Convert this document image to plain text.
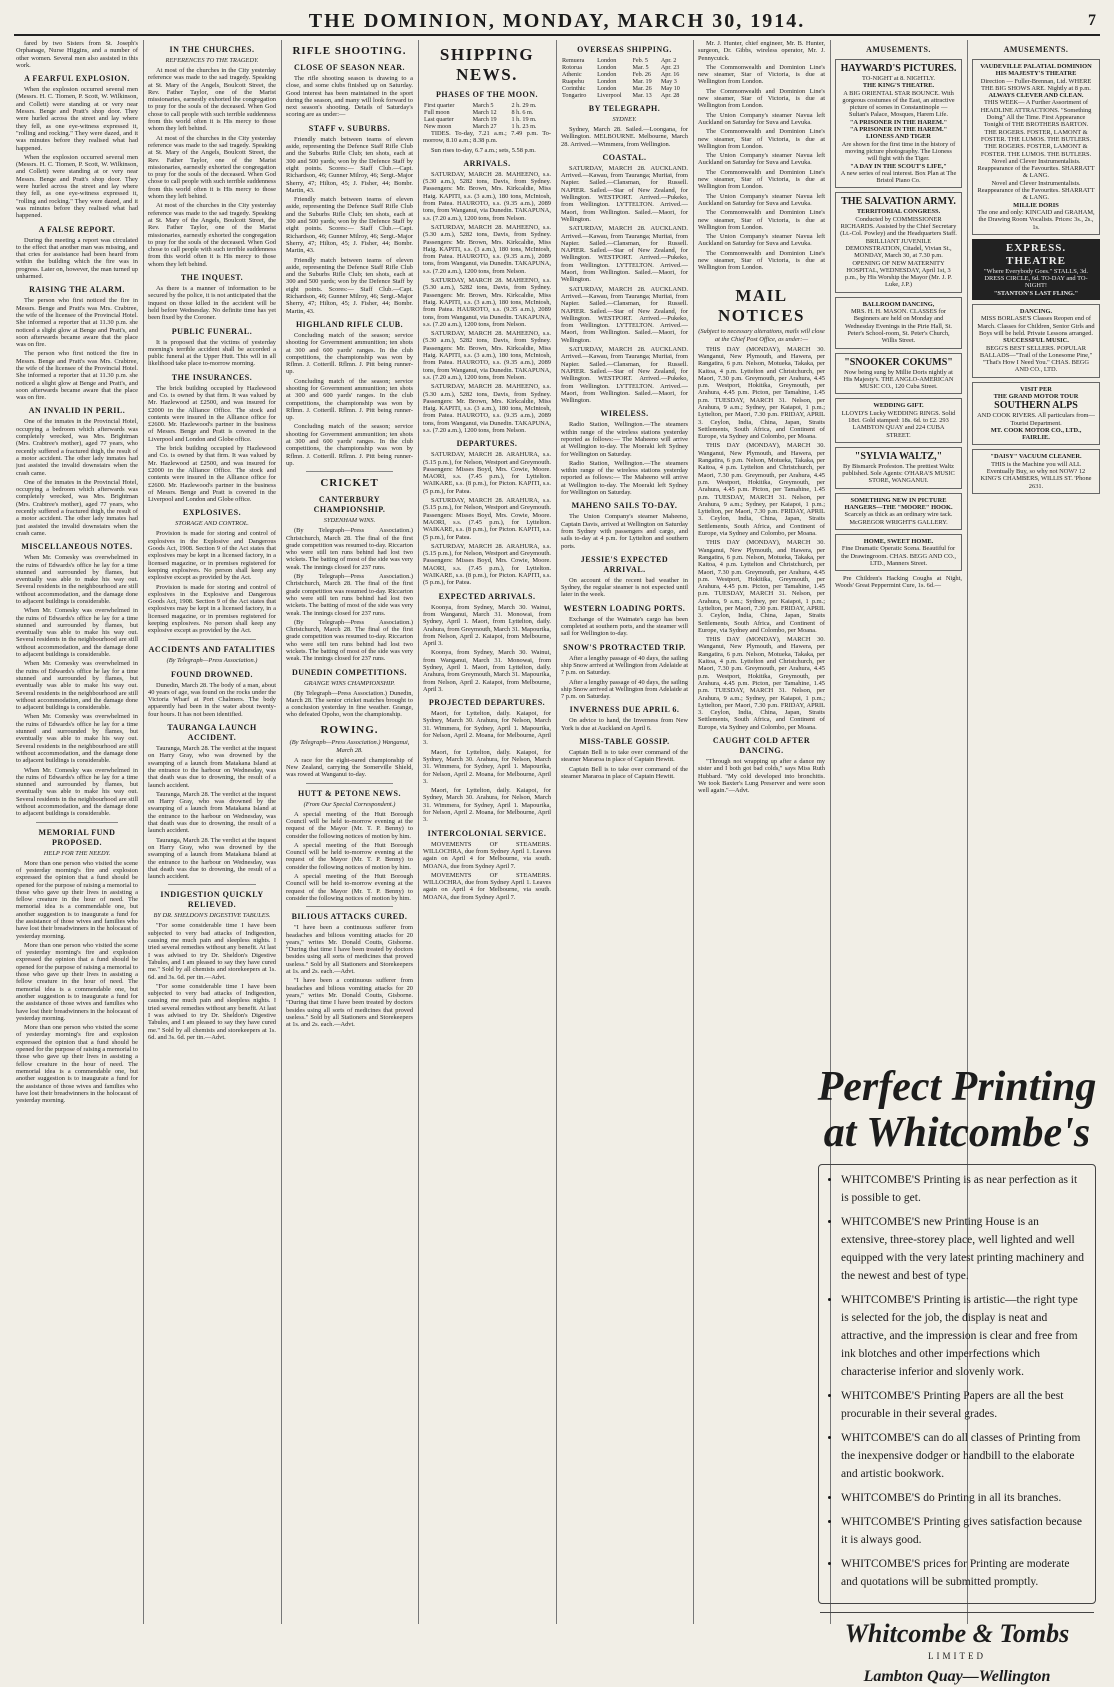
THE DOMINION, MONDAY, MARCH 30, 1914.	7

fared by two Sisters from St. Joseph's Orphanage, Nurse Higgins, and a number of other women. Several men also assisted in this work.

A FEARFUL EXPLOSION.

When the explosion occurred several men (Messrs. H. C. Tiomen, P. Scott, W. Wilkinson, and Collett) were standing at or very near Messrs. Benge and Pratt's shop door. They were hurled across the street and lay where they fell, as one eye-witness expressed it, "rolling and rocking." They were dazed, and it was minutes before they realised what had happened.

When the explosion occurred several men (Messrs. H. C. Tiomen, P. Scott, W. Wilkinson, and Collett) were standing at or very near Messrs. Benge and Pratt's shop door. They were hurled across the street and lay where they fell, as one eye-witness expressed it, "rolling and rocking." They were dazed, and it was minutes before they realised what had happened.

A FALSE REPORT.

During the meeting a report was circulated to the effect that another man was missing, and that cries for assistance had been heard from within the building which the fire was in progress. Later on, however, the man turned up unharmed.

RAISING THE ALARM.

The person who first noticed the fire in Messrs. Benge and Pratt's was Mrs. Crabtree, the wife of the licensee of the Provincial Hotel. She informed a reporter that at 11.30 p.m. she noticed a slight glow at Benge and Pratt's, and soon afterwards became aware that the place was on fire.

The person who first noticed the fire in Messrs. Benge and Pratt's was Mrs. Crabtree, the wife of the licensee of the Provincial Hotel. She informed a reporter that at 11.30 p.m. she noticed a slight glow at Benge and Pratt's, and soon afterwards became aware that the place was on fire.

AN INVALID IN PERIL.

One of the inmates in the Provincial Hotel, occupying a bedroom which afterwards was completely wrecked, was Mrs. Brightman (Mrs. Crabtree's mother), aged 77 years, who recently suffered a fractured thigh, the result of a motor accident. The other lady inmates had just assisted the invalid downstairs when the crash came.

One of the inmates in the Provincial Hotel, occupying a bedroom which afterwards was completely wrecked, was Mrs. Brightman (Mrs. Crabtree's mother), aged 77 years, who recently suffered a fractured thigh, the result of a motor accident. The other lady inmates had just assisted the invalid downstairs when the crash came.

MISCELLANEOUS NOTES.

When Mr. Comesky was overwhelmed in the ruins of Edwards's office he lay for a time stunned and surrounded by flames, but eventually was able to make his way out. Several residents in the neighbourhood are still without accommodation, and the damage done to adjacent buildings is considerable.

When Mr. Comesky was overwhelmed in the ruins of Edwards's office he lay for a time stunned and surrounded by flames, but eventually was able to make his way out. Several residents in the neighbourhood are still without accommodation, and the damage done to adjacent buildings is considerable.

When Mr. Comesky was overwhelmed in the ruins of Edwards's office he lay for a time stunned and surrounded by flames, but eventually was able to make his way out. Several residents in the neighbourhood are still without accommodation, and the damage done to adjacent buildings is considerable.

When Mr. Comesky was overwhelmed in the ruins of Edwards's office he lay for a time stunned and surrounded by flames, but eventually was able to make his way out. Several residents in the neighbourhood are still without accommodation, and the damage done to adjacent buildings is considerable.

When Mr. Comesky was overwhelmed in the ruins of Edwards's office he lay for a time stunned and surrounded by flames, but eventually was able to make his way out. Several residents in the neighbourhood are still without accommodation, and the damage done to adjacent buildings is considerable.

MEMORIAL FUND PROPOSED.
HELP FOR THE NEEDY.

More than one person who visited the scene of yesterday morning's fire and explosion expressed the opinion that a fund should be opened for the purpose of raising a memorial to those who gave up their lives in assisting a fellow creature in the hour of need. The memorial idea is a commendable one, but another suggestion is to inaugurate a fund for the assistance of those wives and families who have lost their breadwinners in the holocaust of yesterday morning.

More than one person who visited the scene of yesterday morning's fire and explosion expressed the opinion that a fund should be opened for the purpose of raising a memorial to those who gave up their lives in assisting a fellow creature in the hour of need. The memorial idea is a commendable one, but another suggestion is to inaugurate a fund for the assistance of those wives and families who have lost their breadwinners in the holocaust of yesterday morning.

More than one person who visited the scene of yesterday morning's fire and explosion expressed the opinion that a fund should be opened for the purpose of raising a memorial to those who gave up their lives in assisting a fellow creature in the hour of need. The memorial idea is a commendable one, but another suggestion is to inaugurate a fund for the assistance of those wives and families who have lost their breadwinners in the holocaust of yesterday morning.

IN THE CHURCHES.
REFERENCES TO THE TRAGEDY.

At most of the churches in the City yesterday reference was made to the sad tragedy. Speaking at St. Mary of the Angels, Boulcott Street, the Rev. Father Taylor, one of the Marist missionaries, earnestly exhorted the congregation to pray for the souls of the deceased. When God chose to call people with such terrible suddenness from this world often it is His mercy to those whom they left behind.

At most of the churches in the City yesterday reference was made to the sad tragedy. Speaking at St. Mary of the Angels, Boulcott Street, the Rev. Father Taylor, one of the Marist missionaries, earnestly exhorted the congregation to pray for the souls of the deceased. When God chose to call people with such terrible suddenness from this world often it is His mercy to those whom they left behind.

At most of the churches in the City yesterday reference was made to the sad tragedy. Speaking at St. Mary of the Angels, Boulcott Street, the Rev. Father Taylor, one of the Marist missionaries, earnestly exhorted the congregation to pray for the souls of the deceased. When God chose to call people with such terrible suddenness from this world often it is His mercy to those whom they left behind.

THE INQUEST.

As there is a manner of information to be secured by the police, it is not anticipated that the inquest on those killed in the accident will be held before Wednesday. No definite time has yet been fixed by the Coroner.

PUBLIC FUNERAL.

It is proposed that the victims of yesterday morning's terrible accident shall be accorded a public funeral at the Upper Hutt. This will in all likelihood take place to-morrow morning.

THE INSURANCES.

The brick building occupied by Hazlewood and Co. is owned by that firm. It was valued by Mr. Hazlewood at £2500, and was insured for £2000 in the Alliance Office. The stock and contents were insured in the Alliance office for £2600. Mr. Hazlewood's partner in the business of Messrs. Benge and Pratt is covered in the Liverpool and London and Globe office.

The brick building occupied by Hazlewood and Co. is owned by that firm. It was valued by Mr. Hazlewood at £2500, and was insured for £2000 in the Alliance Office. The stock and contents were insured in the Alliance office for £2600. Mr. Hazlewood's partner in the business of Messrs. Benge and Pratt is covered in the Liverpool and London and Globe office.

EXPLOSIVES.
STORAGE AND CONTROL.

Provision is made for storing and control of explosives in the Explosive and Dangerous Goods Act, 1908. Section 9 of the Act states that explosives may be kept in a licensed factory, in a licensed magazine, or in premises registered for keeping explosives. No person shall keep any explosive except as provided by the Act.

Provision is made for storing and control of explosives in the Explosive and Dangerous Goods Act, 1908. Section 9 of the Act states that explosives may be kept in a licensed factory, in a licensed magazine, or in premises registered for keeping explosives. No person shall keep any explosive except as provided by the Act.

ACCIDENTS AND FATALITIES
(By Telegraph—Press Association.)
FOUND DROWNED.

Dunedin, March 28. The body of a man, about 40 years of age, was found on the rocks under the Victoria Wharf at Port Chalmers. The body apparently had been in the water about twenty-four hours. It has not been identified.

TAURANGA LAUNCH ACCIDENT.

Tauranga, March 28. The verdict at the inquest on Harry Gray, who was drowned by the swamping of a launch from Matakana Island at the entrance to the harbour on Wednesday, was that death was due to drowning, the result of a launch accident.

Tauranga, March 28. The verdict at the inquest on Harry Gray, who was drowned by the swamping of a launch from Matakana Island at the entrance to the harbour on Wednesday, was that death was due to drowning, the result of a launch accident.

Tauranga, March 28. The verdict at the inquest on Harry Gray, who was drowned by the swamping of a launch from Matakana Island at the entrance to the harbour on Wednesday, was that death was due to drowning, the result of a launch accident.

INDIGESTION QUICKLY RELIEVED.
BY DR. SHELDON'S DIGESTIVE TABULES.

"For some considerable time I have been subjected to very bad attacks of Indigestion, causing me much pain and sleepless nights. I tried several remedies without any benefit. At last I was advised to try Dr. Sheldon's Digestive Tabules, and I am pleased to say they have cured me." Sold by all chemists and storekeepers at 1s. 6d. and 3s. 6d. per tin.—Advt.

"For some considerable time I have been subjected to very bad attacks of Indigestion, causing me much pain and sleepless nights. I tried several remedies without any benefit. At last I was advised to try Dr. Sheldon's Digestive Tabules, and I am pleased to say they have cured me." Sold by all chemists and storekeepers at 1s. 6d. and 3s. 6d. per tin.—Advt.

RIFLE SHOOTING.
CLOSE OF SEASON NEAR.

The rifle shooting season is drawing to a close, and some clubs finished up on Saturday. Good interest has been maintained in the sport during the season, and many will look forward to next season's shooting. Details of Saturday's scoring are as under:—

STAFF v. SUBURBS.

Friendly match between teams of eleven aside, representing the Defence Staff Rifle Club and the Suburbs Rifle Club; ten shots, each at 300 and 500 yards; won by the Defence Staff by eight points. Scores:— Staff Club.—Capt. Richardson, 46; Gunner Milroy, 46; Sergt.-Major Sherry, 47; Hilton, 45; J. Fisher, 44; Bombr. Martin, 43.

Friendly match between teams of eleven aside, representing the Defence Staff Rifle Club and the Suburbs Rifle Club; ten shots, each at 300 and 500 yards; won by the Defence Staff by eight points. Scores:— Staff Club.—Capt. Richardson, 46; Gunner Milroy, 46; Sergt.-Major Sherry, 47; Hilton, 45; J. Fisher, 44; Bombr. Martin, 43.

Friendly match between teams of eleven aside, representing the Defence Staff Rifle Club and the Suburbs Rifle Club; ten shots, each at 300 and 500 yards; won by the Defence Staff by eight points. Scores:— Staff Club.—Capt. Richardson, 46; Gunner Milroy, 46; Sergt.-Major Sherry, 47; Hilton, 45; J. Fisher, 44; Bombr. Martin, 43.

HIGHLAND RIFLE CLUB.

Concluding match of the season; service shooting for Government ammunition; ten shots at 300 and 600 yards' ranges. In the club competitions, the championship was won by Rflmn. J. Cotterill. Rflmn. J. Pitt being runner-up.

Concluding match of the season; service shooting for Government ammunition; ten shots at 300 and 600 yards' ranges. In the club competitions, the championship was won by Rflmn. J. Cotterill. Rflmn. J. Pitt being runner-up.

Concluding match of the season; service shooting for Government ammunition; ten shots at 300 and 600 yards' ranges. In the club competitions, the championship was won by Rflmn. J. Cotterill. Rflmn. J. Pitt being runner-up.

CRICKET
CANTERBURY CHAMPIONSHIP.
SYDENHAM WINS.

(By Telegraph—Press Association.) Christchurch, March 28. The final of the first grade competition was resumed to-day. Riccarton who were still ten runs behind had lost two wickets. The batting of most of the side was very weak. The innings closed for 237 runs.

(By Telegraph—Press Association.) Christchurch, March 28. The final of the first grade competition was resumed to-day. Riccarton who were still ten runs behind had lost two wickets. The batting of most of the side was very weak. The innings closed for 237 runs.

(By Telegraph—Press Association.) Christchurch, March 28. The final of the first grade competition was resumed to-day. Riccarton who were still ten runs behind had lost two wickets. The batting of most of the side was very weak. The innings closed for 237 runs.

DUNEDIN COMPETITIONS.
GRANGE WINS CHAMPIONSHIP.

(By Telegraph—Press Association.) Dunedin, March 28. The senior cricket matches brought to a conclusion yesterday in fine weather. Grange, who defeated Opoho, won the championship.

ROWING.
(By Telegraph—Press Association.) Wanganui, March 28.

A race for the eight-oared championship of New Zealand, carrying the Somerville Shield, was rowed at Wanganui to-day.

HUTT & PETONE NEWS.
(From Our Special Correspondent.)

A special meeting of the Hutt Borough Council will be held to-morrow evening at the request of the Mayor (Mr. T. P. Benny) to consider the following notices of motion by him.

A special meeting of the Hutt Borough Council will be held to-morrow evening at the request of the Mayor (Mr. T. P. Benny) to consider the following notices of motion by him.

A special meeting of the Hutt Borough Council will be held to-morrow evening at the request of the Mayor (Mr. T. P. Benny) to consider the following notices of motion by him.

BILIOUS ATTACKS CURED.

"I have been a continuous sufferer from headaches and bilious vomiting attacks for 20 years," writes Mr. Donald Coutts, Gisborne. "During that time I have been treated by doctors besides using all sorts of medicines that proved useless." Sold by all Stationers and Storekeepers at 1s. and 2s. each.—Advt.

"I have been a continuous sufferer from headaches and bilious vomiting attacks for 20 years," writes Mr. Donald Coutts, Gisborne. "During that time I have been treated by doctors besides using all sorts of medicines that proved useless." Sold by all Stationers and Storekeepers at 1s. and 2s. each.—Advt.

SHIPPING NEWS.
PHASES OF THE MOON.
First quarter	March 5	2 h. 29 m.
Full moon	March 12	8 h. 6 m.
Last quarter	March 19	1 h. 19 m.
New moon	March 27	1 h. 23 m.

TIDES. To-day, 7.21 a.m.; 7.49 p.m. To-morrow, 8.10 a.m.; 8.38 p.m.

Sun rises to-day, 6.7 a.m.; sets, 5.58 p.m.

ARRIVALS.

SATURDAY, MARCH 28. MAHEENO, s.s. (5.30 a.m.), 5282 tons, Davis, from Sydney. Passengers: Mr. Brown, Mrs. Kirkcaldie, Miss Haig. KAPITI, s.s. (3 a.m.), 180 tons, McIntosh, from Patea. HAUROTO, s.s. (9.35 a.m.), 2089 tons, from Wanganui, via Dunedin. TAKAPUNA, s.s. (7.20 a.m.), 1200 tons, from Nelson.

SATURDAY, MARCH 28. MAHEENO, s.s. (5.30 a.m.), 5282 tons, Davis, from Sydney. Passengers: Mr. Brown, Mrs. Kirkcaldie, Miss Haig. KAPITI, s.s. (3 a.m.), 180 tons, McIntosh, from Patea. HAUROTO, s.s. (9.35 a.m.), 2089 tons, from Wanganui, via Dunedin. TAKAPUNA, s.s. (7.20 a.m.), 1200 tons, from Nelson.

SATURDAY, MARCH 28. MAHEENO, s.s. (5.30 a.m.), 5282 tons, Davis, from Sydney. Passengers: Mr. Brown, Mrs. Kirkcaldie, Miss Haig. KAPITI, s.s. (3 a.m.), 180 tons, McIntosh, from Patea. HAUROTO, s.s. (9.35 a.m.), 2089 tons, from Wanganui, via Dunedin. TAKAPUNA, s.s. (7.20 a.m.), 1200 tons, from Nelson.

SATURDAY, MARCH 28. MAHEENO, s.s. (5.30 a.m.), 5282 tons, Davis, from Sydney. Passengers: Mr. Brown, Mrs. Kirkcaldie, Miss Haig. KAPITI, s.s. (3 a.m.), 180 tons, McIntosh, from Patea. HAUROTO, s.s. (9.35 a.m.), 2089 tons, from Wanganui, via Dunedin. TAKAPUNA, s.s. (7.20 a.m.), 1200 tons, from Nelson.

SATURDAY, MARCH 28. MAHEENO, s.s. (5.30 a.m.), 5282 tons, Davis, from Sydney. Passengers: Mr. Brown, Mrs. Kirkcaldie, Miss Haig. KAPITI, s.s. (3 a.m.), 180 tons, McIntosh, from Patea. HAUROTO, s.s. (9.35 a.m.), 2089 tons, from Wanganui, via Dunedin. TAKAPUNA, s.s. (7.20 a.m.), 1200 tons, from Nelson.

DEPARTURES.

SATURDAY, MARCH 28. ARAHURA, s.s. (5.15 p.m.), for Nelson, Westport and Greymouth. Passengers: Misses Boyd, Mrs. Cowie, Moore. MAORI, s.s. (7.45 p.m.), for Lyttelton. WAIKARE, s.s. (8 p.m.), for Picton. KAPITI, s.s. (5 p.m.), for Patea.

SATURDAY, MARCH 28. ARAHURA, s.s. (5.15 p.m.), for Nelson, Westport and Greymouth. Passengers: Misses Boyd, Mrs. Cowie, Moore. MAORI, s.s. (7.45 p.m.), for Lyttelton. WAIKARE, s.s. (8 p.m.), for Picton. KAPITI, s.s. (5 p.m.), for Patea.

SATURDAY, MARCH 28. ARAHURA, s.s. (5.15 p.m.), for Nelson, Westport and Greymouth. Passengers: Misses Boyd, Mrs. Cowie, Moore. MAORI, s.s. (7.45 p.m.), for Lyttelton. WAIKARE, s.s. (8 p.m.), for Picton. KAPITI, s.s. (5 p.m.), for Patea.

EXPECTED ARRIVALS.

Koonya, from Sydney, March 30. Wainui, from Wanganui, March 31. Monowai, from Sydney, April 1. Maori, from Lyttelton, daily. Arahura, from Greymouth, March 31. Mapourika, from Nelson, April 2. Kaiapoi, from Melbourne, April 3.

Koonya, from Sydney, March 30. Wainui, from Wanganui, March 31. Monowai, from Sydney, April 1. Maori, from Lyttelton, daily. Arahura, from Greymouth, March 31. Mapourika, from Nelson, April 2. Kaiapoi, from Melbourne, April 3.

PROJECTED DEPARTURES.

Maori, for Lyttelton, daily. Kaiapoi, for Sydney, March 30. Arahura, for Nelson, March 31. Wimmera, for Sydney, April 1. Mapourika, for Nelson, April 2. Moana, for Melbourne, April 3.

Maori, for Lyttelton, daily. Kaiapoi, for Sydney, March 30. Arahura, for Nelson, March 31. Wimmera, for Sydney, April 1. Mapourika, for Nelson, April 2. Moana, for Melbourne, April 3.

Maori, for Lyttelton, daily. Kaiapoi, for Sydney, March 30. Arahura, for Nelson, March 31. Wimmera, for Sydney, April 1. Mapourika, for Nelson, April 2. Moana, for Melbourne, April 3.

INTERCOLONIAL SERVICE.

MOVEMENTS OF STEAMERS. WILLOCHRA, due from Sydney April 1. Leaves again on April 4 for Melbourne, via south. MOANA, due from Sydney April 7.

MOVEMENTS OF STEAMERS. WILLOCHRA, due from Sydney April 1. Leaves again on April 4 for Melbourne, via south. MOANA, due from Sydney April 7.

OVERSEAS SHIPPING.
Remuera	London	Feb. 5	Apr. 2
Rotorua	London	Mar. 5	Apr. 23
Athenic	London	Feb. 26	Apr. 16
Ruapehu	London	Mar. 19	May 3
Corinthic	London	Mar. 26	May 10
Tongariro	Liverpool	Mar. 13	Apr. 28
BY TELEGRAPH.
SYDNEY.

Sydney, March 28. Sailed.—Loongana, for Wellington. MELBOURNE. Melbourne, March 28. Arrived.—Wimmera, from Wellington.

COASTAL.

SATURDAY, MARCH 28. AUCKLAND. Arrived.—Kawau, from Tauranga; Muritai, from Napier. Sailed.—Clansman, for Russell. NAPIER. Sailed.—Star of New Zealand, for Wellington. WESTPORT. Arrived.—Pukeko, from Wellington. LYTTELTON. Arrived.—Maori, from Wellington. Sailed.—Maori, for Wellington.

SATURDAY, MARCH 28. AUCKLAND. Arrived.—Kawau, from Tauranga; Muritai, from Napier. Sailed.—Clansman, for Russell. NAPIER. Sailed.—Star of New Zealand, for Wellington. WESTPORT. Arrived.—Pukeko, from Wellington. LYTTELTON. Arrived.—Maori, from Wellington. Sailed.—Maori, for Wellington.

SATURDAY, MARCH 28. AUCKLAND. Arrived.—Kawau, from Tauranga; Muritai, from Napier. Sailed.—Clansman, for Russell. NAPIER. Sailed.—Star of New Zealand, for Wellington. WESTPORT. Arrived.—Pukeko, from Wellington. LYTTELTON. Arrived.—Maori, from Wellington. Sailed.—Maori, for Wellington.

SATURDAY, MARCH 28. AUCKLAND. Arrived.—Kawau, from Tauranga; Muritai, from Napier. Sailed.—Clansman, for Russell. NAPIER. Sailed.—Star of New Zealand, for Wellington. WESTPORT. Arrived.—Pukeko, from Wellington. LYTTELTON. Arrived.—Maori, from Wellington. Sailed.—Maori, for Wellington.

WIRELESS.

Radio Station, Wellington.—The steamers within range of the wireless stations yesterday reported as follows:— The Maheeno will arrive at Wellington to-day. The Moeraki left Sydney for Wellington on Saturday.

Radio Station, Wellington.—The steamers within range of the wireless stations yesterday reported as follows:— The Maheeno will arrive at Wellington to-day. The Moeraki left Sydney for Wellington on Saturday.

MAHENO SAILS TO-DAY.

The Union Company's steamer Maheeno, Captain Davis, arrived at Wellington on Saturday from Sydney with passengers and cargo, and sails to-day at 4 p.m. for Lyttelton and southern ports.

JESSIE'S EXPECTED ARRIVAL.

On account of the recent bad weather in Sydney, the regular steamer is not expected until later in the week.

WESTERN LOADING PORTS.

Exchange of the Waimate's cargo has been completed at southern ports, and the steamer will sail for Wellington to-day.

SNOW'S PROTRACTED TRIP.

After a lengthy passage of 40 days, the sailing ship Snow arrived at Wellington from Adelaide at 7 p.m. on Saturday.

After a lengthy passage of 40 days, the sailing ship Snow arrived at Wellington from Adelaide at 7 p.m. on Saturday.

INVERNESS DUE APRIL 6.

On advice to hand, the Inverness from New York is due at Auckland on April 6.

MISS-TABLE GOSSIP.

Captain Bell is to take over command of the steamer Mararoa in place of Captain Hewitt.

Captain Bell is to take over command of the steamer Mararoa in place of Captain Hewitt.

Mr. J. Hunter, chief engineer, Mr. B. Hunter, surgeon, Dr. Gibbs, wireless operator, Mr. J. Pennycuick.

The Commonwealth and Dominion Line's new steamer, Star of Victoria, is due at Wellington from London.

The Commonwealth and Dominion Line's new steamer, Star of Victoria, is due at Wellington from London.

The Union Company's steamer Navua left Auckland on Saturday for Suva and Levuka.

The Commonwealth and Dominion Line's new steamer, Star of Victoria, is due at Wellington from London.

The Union Company's steamer Navua left Auckland on Saturday for Suva and Levuka.

The Commonwealth and Dominion Line's new steamer, Star of Victoria, is due at Wellington from London.

The Union Company's steamer Navua left Auckland on Saturday for Suva and Levuka.

The Commonwealth and Dominion Line's new steamer, Star of Victoria, is due at Wellington from London.

The Union Company's steamer Navua left Auckland on Saturday for Suva and Levuka.

The Commonwealth and Dominion Line's new steamer, Star of Victoria, is due at Wellington from London.

MAIL NOTICES
(Subject to necessary alterations, mails will close at the Chief Post Office, as under:—

THIS DAY (MONDAY), MARCH 30. Wanganui, New Plymouth, and Hawera, per Rangatira, 6 p.m. Nelson, Motueka, Takaka, per Kaitoa, 4 p.m. Lyttelton and Christchurch, per Maori, 7.30 p.m. Greymouth, per Arahura, 4.45 p.m. Westport, Hokitika, Greymouth, per Arahura, 4.45 p.m. Picton, per Tamahine, 1.45 p.m. TUESDAY, MARCH 31. Nelson, per Arahura, 9 a.m.; Sydney, per Kaiapoi, 1 p.m.; Lyttelton, per Maori, 7.30 p.m. FRIDAY, APRIL 3. Ceylon, India, China, Japan, Straits Settlements, South Africa, and Continent of Europe, via Sydney and Colombo, per Moana.

THIS DAY (MONDAY), MARCH 30. Wanganui, New Plymouth, and Hawera, per Rangatira, 6 p.m. Nelson, Motueka, Takaka, per Kaitoa, 4 p.m. Lyttelton and Christchurch, per Maori, 7.30 p.m. Greymouth, per Arahura, 4.45 p.m. Westport, Hokitika, Greymouth, per Arahura, 4.45 p.m. Picton, per Tamahine, 1.45 p.m. TUESDAY, MARCH 31. Nelson, per Arahura, 9 a.m.; Sydney, per Kaiapoi, 1 p.m.; Lyttelton, per Maori, 7.30 p.m. FRIDAY, APRIL 3. Ceylon, India, China, Japan, Straits Settlements, South Africa, and Continent of Europe, via Sydney and Colombo, per Moana.

THIS DAY (MONDAY), MARCH 30. Wanganui, New Plymouth, and Hawera, per Rangatira, 6 p.m. Nelson, Motueka, Takaka, per Kaitoa, 4 p.m. Lyttelton and Christchurch, per Maori, 7.30 p.m. Greymouth, per Arahura, 4.45 p.m. Westport, Hokitika, Greymouth, per Arahura, 4.45 p.m. Picton, per Tamahine, 1.45 p.m. TUESDAY, MARCH 31. Nelson, per Arahura, 9 a.m.; Sydney, per Kaiapoi, 1 p.m.; Lyttelton, per Maori, 7.30 p.m. FRIDAY, APRIL 3. Ceylon, India, China, Japan, Straits Settlements, South Africa, and Continent of Europe, via Sydney and Colombo, per Moana.

THIS DAY (MONDAY), MARCH 30. Wanganui, New Plymouth, and Hawera, per Rangatira, 6 p.m. Nelson, Motueka, Takaka, per Kaitoa, 4 p.m. Lyttelton and Christchurch, per Maori, 7.30 p.m. Greymouth, per Arahura, 4.45 p.m. Westport, Hokitika, Greymouth, per Arahura, 4.45 p.m. Picton, per Tamahine, 1.45 p.m. TUESDAY, MARCH 31. Nelson, per Arahura, 9 a.m.; Sydney, per Kaiapoi, 1 p.m.; Lyttelton, per Maori, 7.30 p.m. FRIDAY, APRIL 3. Ceylon, India, China, Japan, Straits Settlements, South Africa, and Continent of Europe, via Sydney and Colombo, per Moana.

CAUGHT COLD AFTER DANCING.

"Through not wrapping up after a dance my sister and I both got bad colds," says Miss Ruth Hubbard. "My cold developed into bronchitis. We took Baxter's Lung Preserver and were soon well again."—Advt.

AMUSEMENTS.
HAYWARD'S PICTURES.
TO-NIGHT at 8. NIGHTLY.
THE KING'S THEATRE.
A BIG ORIENTAL STAR BOUNCE. With gorgeous costumes of the East, an attractive picture of scenes in Constantinople — Sultan's Palace, Mosques, Harem Life.
"A PRISONER IN THE HAREM."
"A PRISONER IN THE HAREM."
LIONESS AND TIGER
Are shown for the first time in the history of moving picture photography. The Lioness will fight with the Tiger.
"A DAY IN THE SCOUT'S LIFE,"
A new series of real interest. Box Plan at The Bristol Piano Co.
THE SALVATION ARMY.
TERRITORIAL CONGRESS.
Conducted by COMMISSIONER RICHARDS. Assisted by the Chief Secretary (Lt.-Col. Powley) and the Headquarters Staff.
BRILLIANT JUVENILE DEMONSTRATION, Citadel, Vivian St., MONDAY, March 30, at 7.30 p.m.
OPENING OF NEW MATERNITY HOSPITAL, WEDNESDAY, April 1st, 3 p.m., by His Worship the Mayor (Mr. J. P. Luke, J.P.)
BALLROOM DANCING,
MRS. H. H. MASON. CLASSES for Beginners are held on Monday and Wednesday Evenings in the Pirie Hall, St. Peter's School-room, St. Peter's Church, Willis Street.
"SNOOKER COKUMS"
Now being sung by Millie Doris nightly at His Majesty's. THE ANGLO-AMERICAN MUSIC CO., 120 Cuba Street.
WEDDING GIFT.
LLOYD'S Lucky WEDDING RINGS. Solid 18ct. Gold stamped: 18s. 6d. to £2. 293 LAMBTON QUAY and 224 CUBA STREET.
"SYLVIA WALTZ,"
By Bismarck Profeston. The prettiest Waltz published. Sole Agents: O'HARA'S MUSIC STORE, WANGANUI.
SOMETHING NEW IN PICTURE HANGERS—THE "MOORE" HOOK.
Scarcely as thick as an ordinary wire tack. McGREGOR WRIGHT'S GALLERY.
HOME, SWEET HOME.
Fine Dramatic Operatic Scena. Beautiful for the Drawingroom. CHAS. BEGG AND CO., LTD., Manners Street.

Pre Children's Hacking Coughs at Night, Woods' Great Peppermint Cure, 1s. 6d.—

AMUSEMENTS.
VAUDEVILLE PALATIAL DOMINION HIS MAJESTY'S THEATRE
Direction — Fuller-Brennan, Ltd. WHERE THE BIG SHOWS ARE. Nightly at 8 p.m.
ALWAYS CLEVER AND CLEAN.
THIS WEEK— A Further Assortment of HEADLINE ATTRACTIONS. "Something Doing" All the Time. First Appearance Tonight of THE BROTHERS BARTON.
THE ROGERS. FOSTER, LAMONT & FOSTER. THE LUMOS. THE BUTLERS.
THE ROGERS. FOSTER, LAMONT & FOSTER. THE LUMOS. THE BUTLERS.
Novel and Clever Instrumentalists. Reappearance of the Favourites. SHARRATT & LANG.
Novel and Clever Instrumentalists. Reappearance of the Favourites. SHARRATT & LANG.
MILLIE DORIS
The one and only: KINCAID and GRAHAM, the Drawing Room Vocalists. Prices: 3s., 2s., 1s.
EXPRESS. THEATRE
"Where Everybody Goes." STALLS, 3d. DRESS CIRCLE, 6d. TO-DAY and TO-NIGHT!
"STANTON'S LAST FLING."
DANCING.
MISS BORLASE'S Classes Reopen end of March. Classes for Children, Senior Girls and Boys will be held. Private Lessons arranged.
SUCCESSFUL MUSIC.
BEGG'S BEST SELLERS. POPULAR BALLADS—"Trail of the Lonesome Pine," "That's How I Need You." CHAS. BEGG AND CO., LTD.
VISIT PER
THE GRAND MOTOR TOUR
SOUTHERN ALPS
AND COOK RIVERS. All particulars from— Tourist Department.
MT. COOK MOTOR CO., LTD., FAIRLIE.
"DAISY" VACUUM CLEANER.
THIS is the Machine you will ALL Eventually Buy, so why not NOW? 12 KING'S CHAMBERS, WILLIS ST. 'Phone 2631.
Perfect Printing
at Whitcombe's
• WHITCOMBE'S Printing is as near perfection as it is possible to get.
• WHITCOMBE'S new Printing House is an extensive, three-storey place, well lighted and well equipped with the very latest printing machinery and the newest and best of type.
• WHITCOMBE'S Printing is artistic—the right type is selected for the job, the display is neat and attractive, and the impression is clear and free from ink blotches and other imperfections which characterise inferior and slovenly work.
• WHITCOMBE'S Printing Papers are all the best procurable in their several grades.
• WHITCOMBE'S can do all classes of Printing from the inexpensive dodger or handbill to the elaborate and artistic bookwork.
• WHITCOMBE'S do Printing in all its branches.
• WHITCOMBE'S Printing gives satisfaction because it is always good.
• WHITCOMBE'S prices for Printing are moderate and quotations will be submitted promptly.
Whitcombe & Tombs
LIMITED
Lambton Quay—Wellington
